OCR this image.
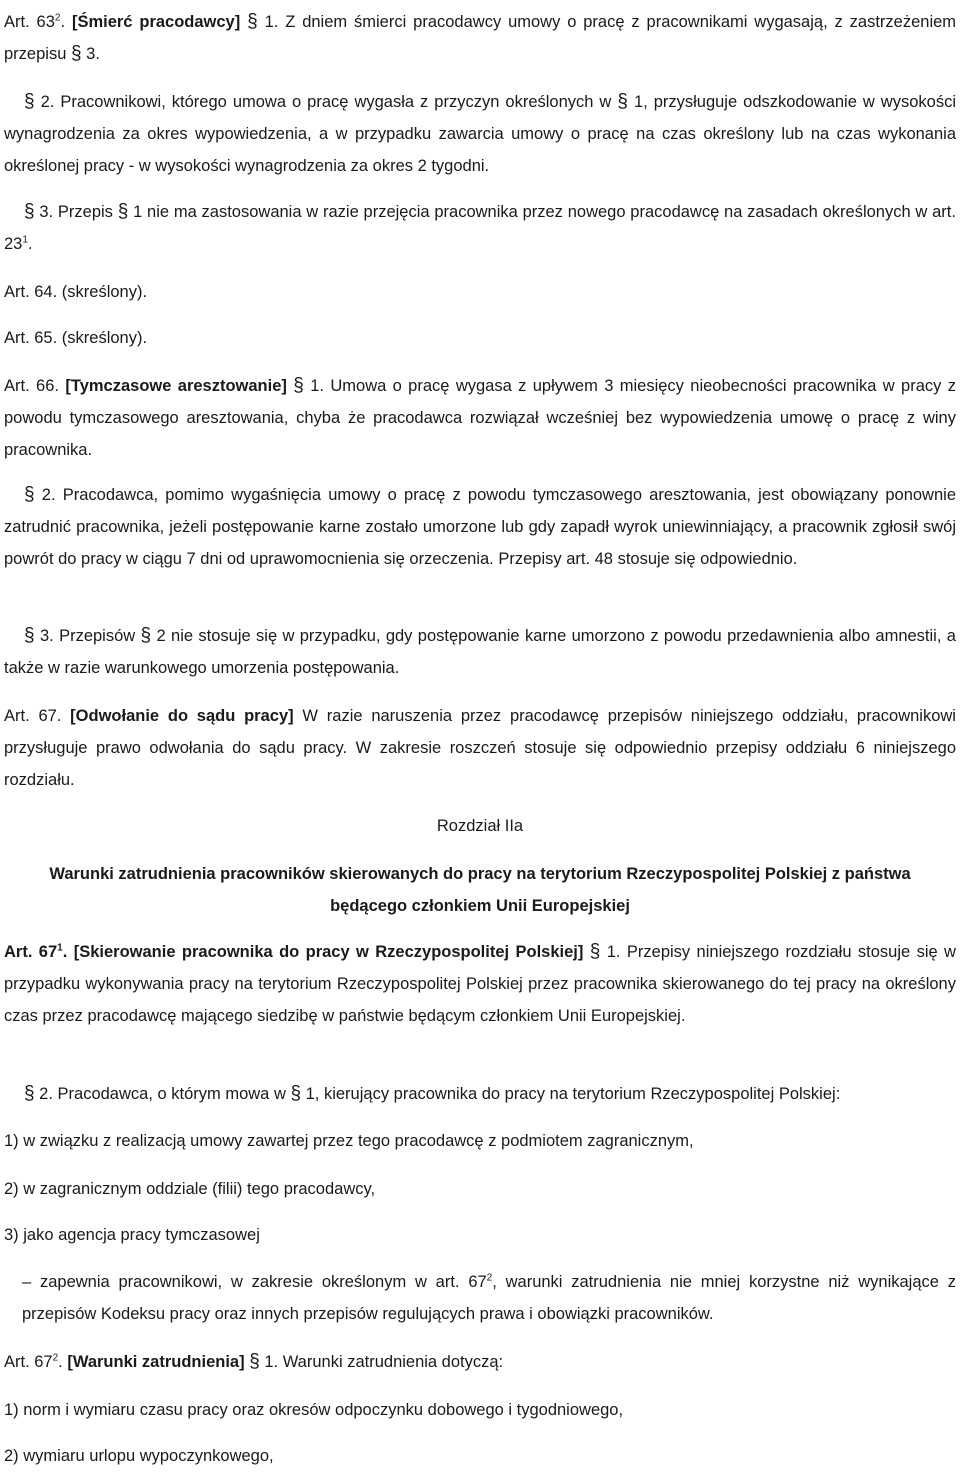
Art. $63^2$. [Śmierć pracodawcy] § 1. Z dniem śmierci pracodawcy umowy o pracę z pracownikami wygasają, z zastrzeżeniem przepisu § 3.
§ 2. Pracownikowi, którego umowa o pracę wygasła z przyczyn określonych w § 1, przysługuje odszkodowanie w wysokości wynagrodzenia za okres wypowiedzenia, a w przypadku zawarcia umowy o pracę na czas określony lub na czas wykonania określonej pracy - w wysokości wynagrodzenia za okres 2 tygodni.
§ 3. Przepis § 1 nie ma zastosowania w razie przejęcia pracownika przez nowego pracodawcę na zasadach określonych w art. $23^1$.
Art. 64. (skreślony).
Art. 65. (skreślony).
Art. 66. [Tymczasowe aresztowanie] § 1. Umowa o pracę wygasa z upływem 3 miesięcy nieobecności pracownika w pracy z powodu tymczasowego aresztowania, chyba że pracodawca rozwiązał wcześniej bez wypowiedzenia umowę o pracę z winy pracownika.
§ 2. Pracodawca, pomimo wygaśnięcia umowy o pracę z powodu tymczasowego aresztowania, jest obowiązany ponownie zatrudnić pracownika, jeżeli postępowanie karne zostało umorzone lub gdy zapadł wyrok uniewinniający, a pracownik zgłosił swój powrót do pracy w ciągu 7 dni od uprawomocnienia się orzeczenia. Przepisy art. 48 stosuje się odpowiednio.
§ 3. Przepisów § 2 nie stosuje się w przypadku, gdy postępowanie karne umorzono z powodu przedawnienia albo amnestii, a także w razie warunkowego umorzenia postępowania.
Art. 67. [Odwołanie do sądu pracy] W razie naruszenia przez pracodawcę przepisów niniejszego oddziału, pracownikowi przysługuje prawo odwołania do sądu pracy. W zakresie roszczeń stosuje się odpowiednio przepisy oddziału 6 niniejszego rozdziału.
Rozdział IIa
Warunki zatrudnienia pracowników skierowanych do pracy na terytorium Rzeczypospolitej Polskiej z państwa będącego członkiem Unii Europejskiej
Art. $67^1$. [Skierowanie pracownika do pracy w Rzeczypospolitej Polskiej] § 1. Przepisy niniejszego rozdziału stosuje się w przypadku wykonywania pracy na terytorium Rzeczypospolitej Polskiej przez pracownika skierowanego do tej pracy na określony czas przez pracodawcę mającego siedzibę w państwie będącym członkiem Unii Europejskiej.
§ 2. Pracodawca, o którym mowa w § 1, kierujący pracownika do pracy na terytorium Rzeczypospolitej Polskiej:
1) w związku z realizacją umowy zawartej przez tego pracodawcę z podmiotem zagranicznym,
2) w zagranicznym oddziale (filii) tego pracodawcy,
3) jako agencja pracy tymczasowej
– zapewnia pracownikowi, w zakresie określonym w art. $67^2$, warunki zatrudnienia nie mniej korzystne niż wynikające z przepisów Kodeksu pracy oraz innych przepisów regulujących prawa i obowiązki pracowników.
Art. $67^2$. [Warunki zatrudnienia] § 1. Warunki zatrudnienia dotyczą:
1) norm i wymiaru czasu pracy oraz okresów odpoczynku dobowego i tygodniowego,
2) wymiaru urlopu wypoczynkowego,
